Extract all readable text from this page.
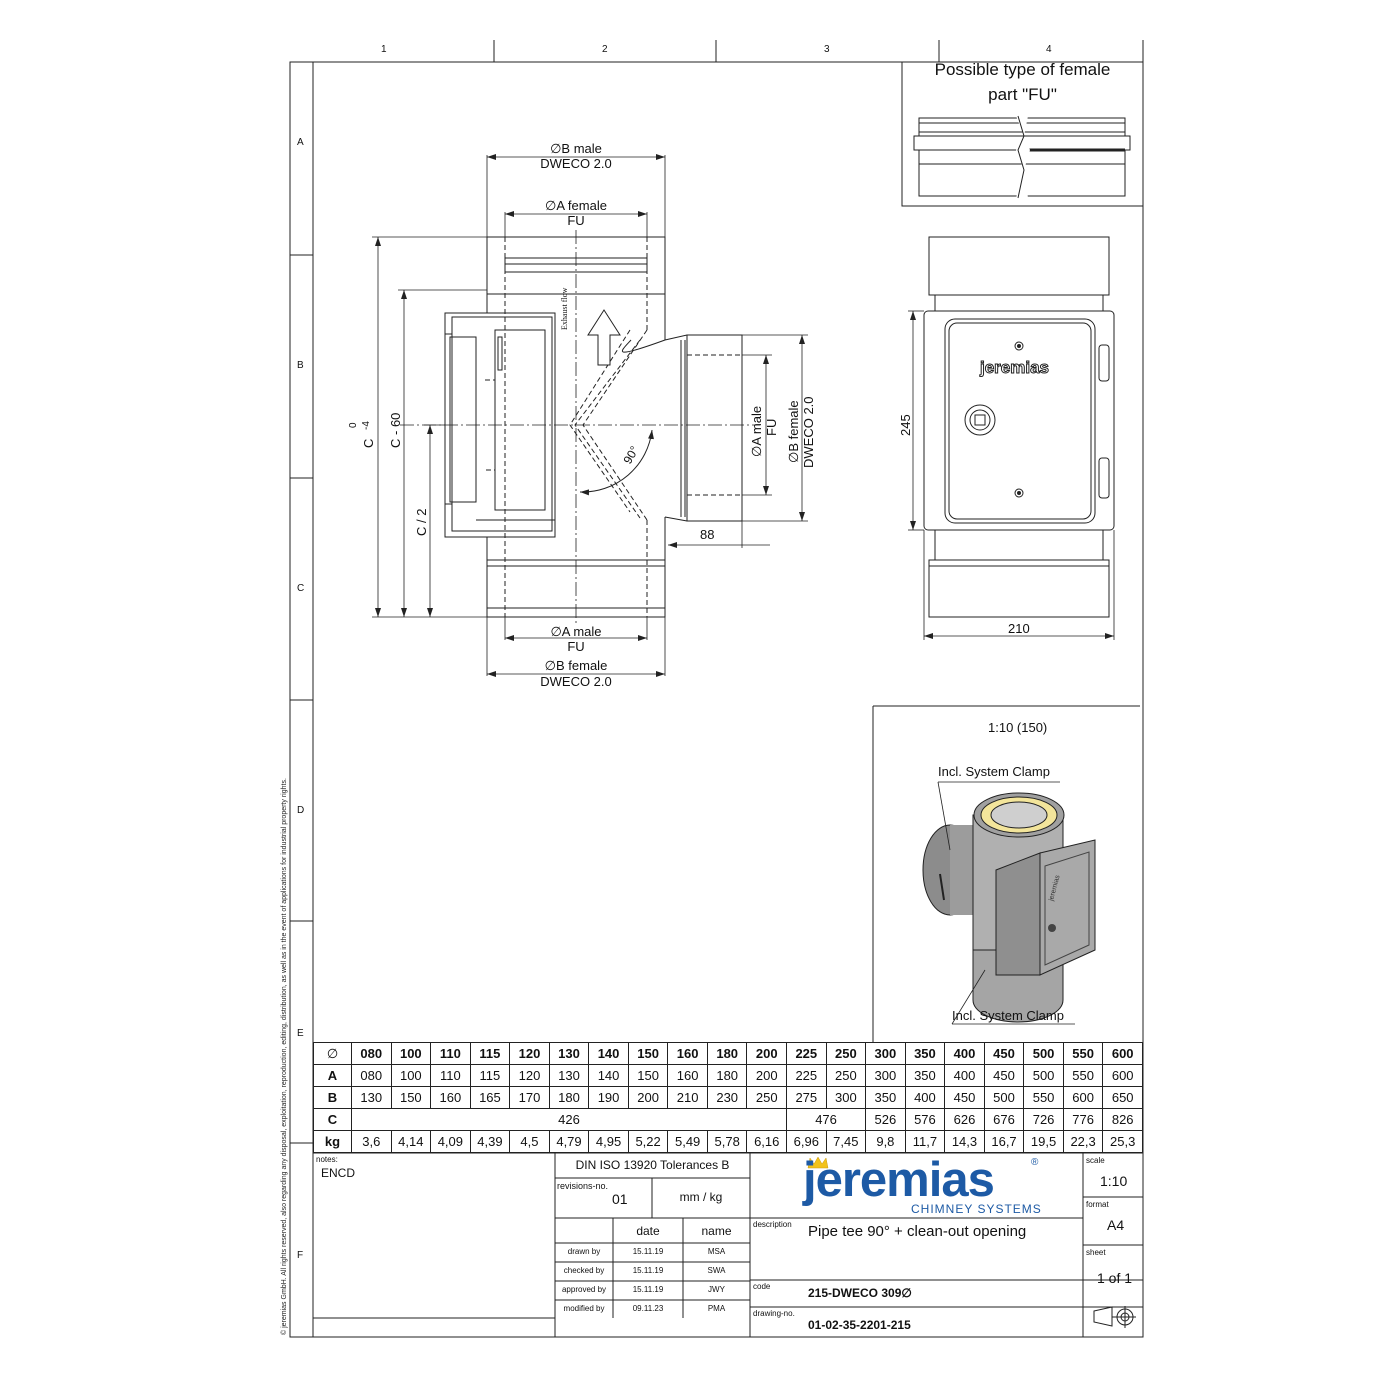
1	2	3	4
A
B
C
D
E
F
© jeremias GmbH. All rights reserved, also regarding any disposal, exploitation, reproduction, editing, distribution, as well as in the event of applications for industrial property rights.
Possible type of female
part "FU"
∅B male
DWECO 2.0
∅A female
FU
∅A male
FU
∅B female
DWECO 2.0
Exhaust flow
90°
88
C
0 -4 C - 60
C / 2
∅A male FU ∅B female DWECO 2.0
jeremias
245
210
1:10 (150)
Incl. System Clamp
Incl. System Clamp
jeremias
∅	080	100	110	115	120	130	140	150	160	180	200	225	250	300	350	400	450	500	550	600
A	080	100	110	115	120	130	140	150	160	180	200	225	250	300	350	400	450	500	550	600
B	130	150	160	165	170	180	190	200	210	230	250	275	300	350	400	450	500	550	600	650
C	426											476		526	576	626	676	726	776	826
kg	3,6	4,14	4,09	4,39	4,5	4,79	4,95	5,22	5,49	5,78	6,16	6,96	7,45	9,8	11,7	14,3	16,7	19,5	22,3	25,3
notes:
ENCD
DIN ISO 13920 Tolerances B
revisions-no.
01	mm / kg
date	name
drawn by	15.11.19	MSA
checked by	15.11.19	SWA
approved by	15.11.19	JWY
modified by	09.11.23	PMA
jeremias	®
CHIMNEY SYSTEMS
description Pipe tee 90° + clean-out opening
code	215-DWECO 309∅
drawing-no.
01-02-35-2201-215
scale
1:10
format
A4
sheet
1 of 1
